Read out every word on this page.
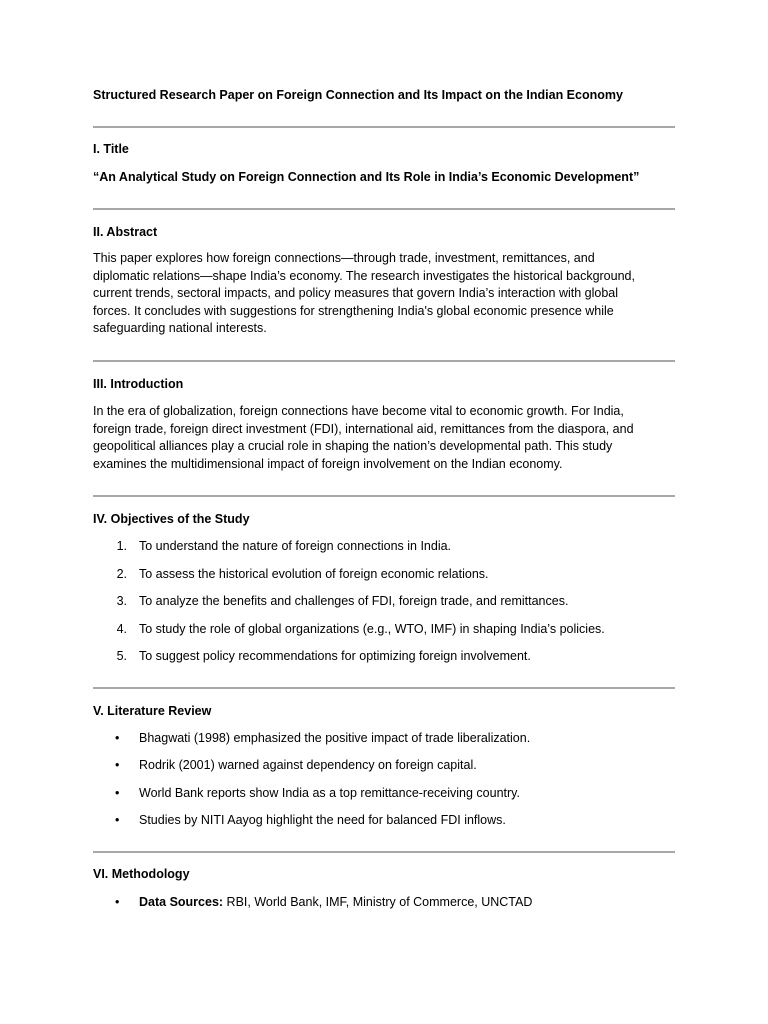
Structured Research Paper on Foreign Connection and Its Impact on the Indian Economy
I. Title
“An Analytical Study on Foreign Connection and Its Role in India’s Economic Development”
II. Abstract
This paper explores how foreign connections—through trade, investment, remittances, and
diplomatic relations—shape India’s economy. The research investigates the historical background,
current trends, sectoral impacts, and policy measures that govern India’s interaction with global
forces. It concludes with suggestions for strengthening India's global economic presence while
safeguarding national interests.
III. Introduction
In the era of globalization, foreign connections have become vital to economic growth. For India,
foreign trade, foreign direct investment (FDI), international aid, remittances from the diaspora, and
geopolitical alliances play a crucial role in shaping the nation’s developmental path. This study
examines the multidimensional impact of foreign involvement on the Indian economy.
IV. Objectives of the Study
1. To understand the nature of foreign connections in India.
2. To assess the historical evolution of foreign economic relations.
3. To analyze the benefits and challenges of FDI, foreign trade, and remittances.
4. To study the role of global organizations (e.g., WTO, IMF) in shaping India’s policies.
5. To suggest policy recommendations for optimizing foreign involvement.
V. Literature Review
•	Bhagwati (1998) emphasized the positive impact of trade liberalization.
•	Rodrik (2001) warned against dependency on foreign capital.
•	World Bank reports show India as a top remittance-receiving country.
•	Studies by NITI Aayog highlight the need for balanced FDI inflows.
VI. Methodology
•	Data Sources: RBI, World Bank, IMF, Ministry of Commerce, UNCTAD
